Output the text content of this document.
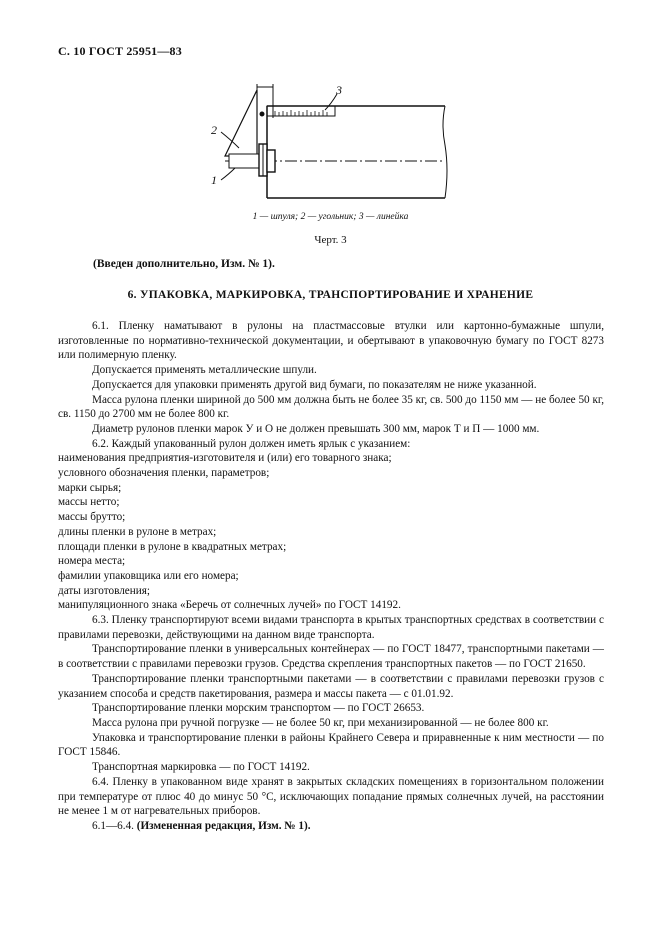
С. 10 ГОСТ 25951—83
1
2
3
1 — шпуля; 2 — угольник; 3 — линейка
Черт. 3
(Введен дополнительно, Изм. № 1).
6. УПАКОВКА, МАРКИРОВКА, ТРАНСПОРТИРОВАНИЕ И ХРАНЕНИЕ

6.1. Пленку наматывают в рулоны на пластмассовые втулки или картонно-бумажные шпули, изготовленные по нормативно-технической документации, и обертывают в упаковочную бумагу по ГОСТ 8273 или полимерную пленку.

Допускается применять металлические шпули.

Допускается для упаковки применять другой вид бумаги, по показателям не ниже указанной.

Масса рулона пленки шириной до 500 мм должна быть не более 35 кг, св. 500 до 1150 мм — не более 50 кг, св. 1150 до 2700 мм не более 800 кг.

Диаметр рулонов пленки марок У и О не должен превышать 300 мм, марок Т и П — 1000 мм.

6.2. Каждый упакованный рулон должен иметь ярлык с указанием:

наименования предприятия-изготовителя и (или) его товарного знака;

условного обозначения пленки, параметров;

марки сырья;

массы нетто;

массы брутто;

длины пленки в рулоне в метрах;

площади пленки в рулоне в квадратных метрах;

номера места;

фамилии упаковщика или его номера;

даты изготовления;

манипуляционного знака «Беречь от солнечных лучей» по ГОСТ 14192.

6.3. Пленку транспортируют всеми видами транспорта в крытых транспортных средствах в соответствии с правилами перевозки, действующими на данном виде транспорта.

Транспортирование пленки в универсальных контейнерах — по ГОСТ 18477, транспортными пакетами — в соответствии с правилами перевозки грузов. Средства скрепления транспортных пакетов — по ГОСТ 21650.

Транспортирование пленки транспортными пакетами — в соответствии с правилами перевозки грузов с указанием способа и средств пакетирования, размера и массы пакета — с 01.01.92.

Транспортирование пленки морским транспортом — по ГОСТ 26653.

Масса рулона при ручной погрузке — не более 50 кг, при механизированной — не более 800 кг.

Упаковка и транспортирование пленки в районы Крайнего Севера и приравненные к ним местности — по ГОСТ 15846.

Транспортная маркировка — по ГОСТ 14192.

6.4. Пленку в упакованном виде хранят в закрытых складских помещениях в горизонтальном положении при температуре от плюс 40 до минус 50 °С, исключающих попадание прямых солнечных лучей, на расстоянии не менее 1 м от нагревательных приборов.

6.1—6.4. (Измененная редакция, Изм. № 1).
